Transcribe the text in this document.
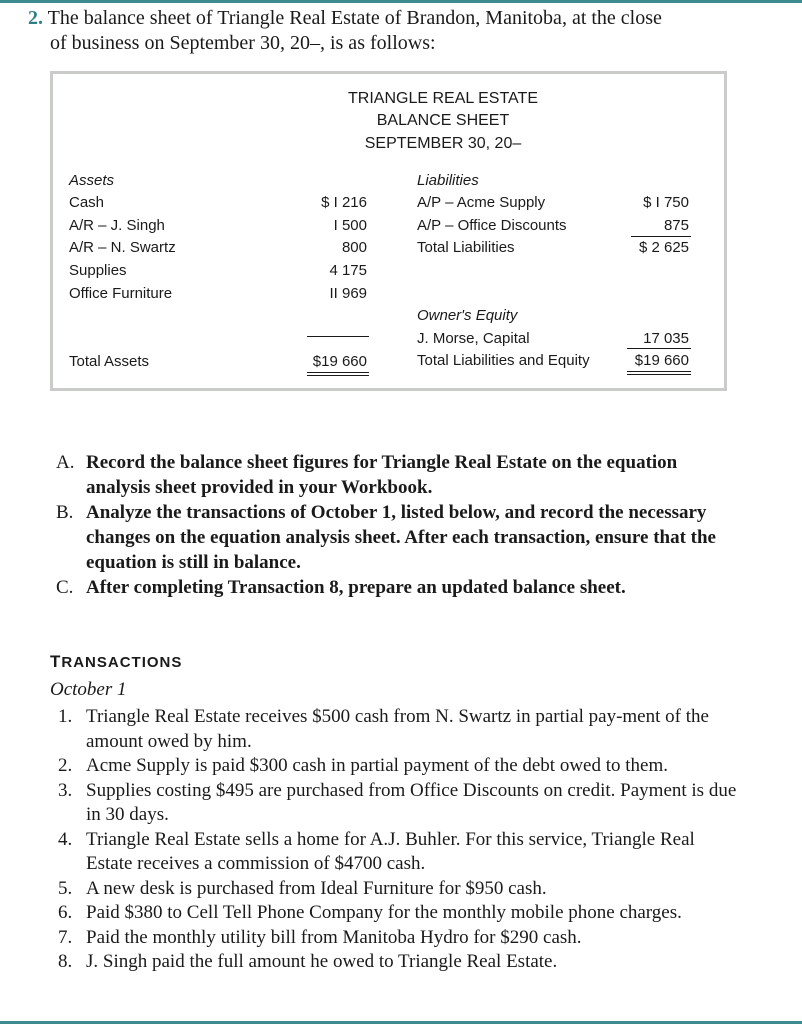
2. The balance sheet of Triangle Real Estate of Brandon, Manitoba, at the close
of business on September 30, 20–, is as follows:
TRIANGLE REAL ESTATE
BALANCE SHEET
SEPTEMBER 30, 20–
Assets
Cash	$ I 216
A/R – J. Singh	I 500
A/R – N. Swartz	800
Supplies	4 175
Office Furniture	II 969
Total Assets	$19 660
Liabilities
A/P – Acme Supply	$ I 750
A/P – Office Discounts	875
Total Liabilities	$ 2 625
Owner's Equity
J. Morse, Capital	17 035
Total Liabilities and Equity	$19 660
A. Record the balance sheet figures for Triangle Real Estate on the equation analysis sheet provided in your Workbook.
B. Analyze the transactions of October 1, listed below, and record the necessary changes on the equation analysis sheet. After each transaction, ensure that the equation is still in balance.
C. After completing Transaction 8, prepare an updated balance sheet.
TRANSACTIONS
October 1
1. Triangle Real Estate receives $500 cash from N. Swartz in partial pay-ment of the amount owed by him.
2. Acme Supply is paid $300 cash in partial payment of the debt owed to them.
3. Supplies costing $495 are purchased from Office Discounts on credit. Payment is due in 30 days.
4. Triangle Real Estate sells a home for A.J. Buhler. For this service, Triangle Real Estate receives a commission of $4700 cash.
5. A new desk is purchased from Ideal Furniture for $950 cash.
6. Paid $380 to Cell Tell Phone Company for the monthly mobile phone charges.
7. Paid the monthly utility bill from Manitoba Hydro for $290 cash.
8. J. Singh paid the full amount he owed to Triangle Real Estate.
